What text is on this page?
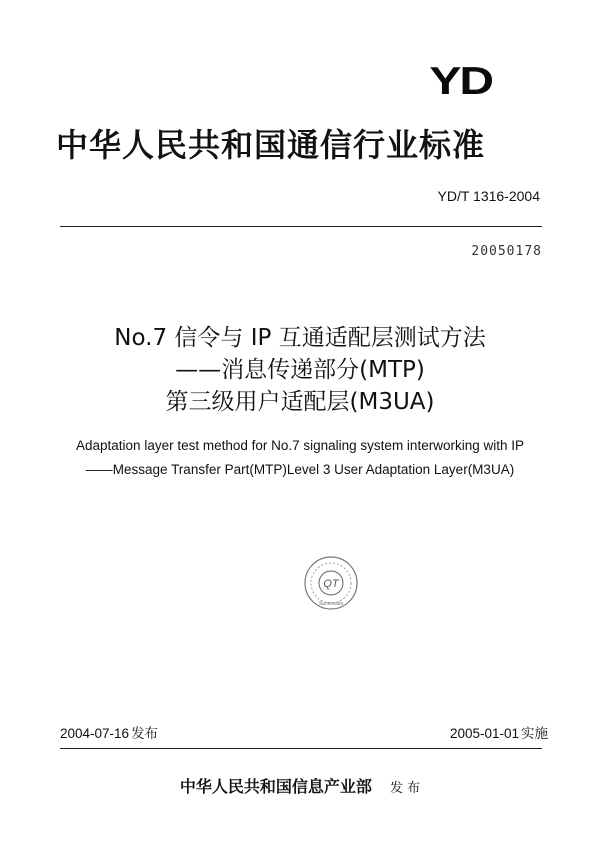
YD
中华人民共和国通信行业标准
YD/T 1316-2004
20050178
No.7 信令与 IP 互通适配层测试方法
——消息传递部分(MTP)
第三级用户适配层(M3UA)
Adaptation layer test method for No.7 signaling system interworking with IP
——Message Transfer Part(MTP)Level 3 User Adaptation Layer(M3UA)
QT
Sunoreads
2004-07-16 发布	2005-01-01 实施
中华人民共和国信息产业部 发 布
